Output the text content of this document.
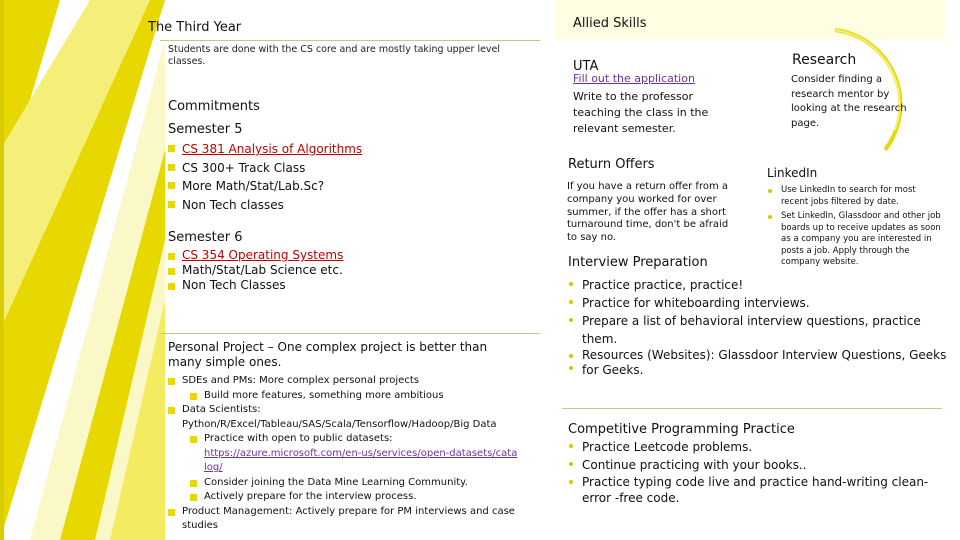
The Third Year
Students are done with the CS core and are mostly taking upper level classes.
Commitments
Semester 5
CS 381 Analysis of Algorithms
CS 300+ Track Class
More Math/Stat/Lab.Sc?
Non Tech classes
Semester 6
CS 354 Operating Systems
Math/Stat/Lab Science etc.
Non Tech Classes
Personal Project – One complex project is better than many simple ones.
SDEs and PMs: More complex personal projects
Build more features, something more ambitious
Data Scientists: Python/R/Excel/Tableau/SAS/Scala/Tensorflow/Hadoop/Big Data
Practice with open to public datasets:
https://azure.microsoft.com/en-us/services/open-datasets/catalog/
Consider joining the Data Mine Learning Community.
Actively prepare for the interview process.
Product Management: Actively prepare for PM interviews and case studies
Allied Skills
UTA
Fill out the application
Write to the professor teaching the class in the relevant semester.
Research
Consider finding a research mentor by looking at the research page.
Return Offers
If you have a return offer from a company you worked for over summer, if the offer has a short turnaround time, don't be afraid to say no.
LinkedIn
Use LinkedIn to search for most recent jobs filtered by date.
Set LinkedIn, Glassdoor and other job boards up to receive updates as soon as a company you are interested in posts a job. Apply through the company website.
Interview Preparation
Practice practice, practice!
Practice for whiteboarding interviews.
Prepare a list of behavioral interview questions, practice them.
Resources (Websites): Glassdoor Interview Questions, Geeks for Geeks.
Competitive Programming Practice
Practice Leetcode problems.
Continue practicing with your books..
Practice typing code live and practice hand-writing clean-error -free code.
